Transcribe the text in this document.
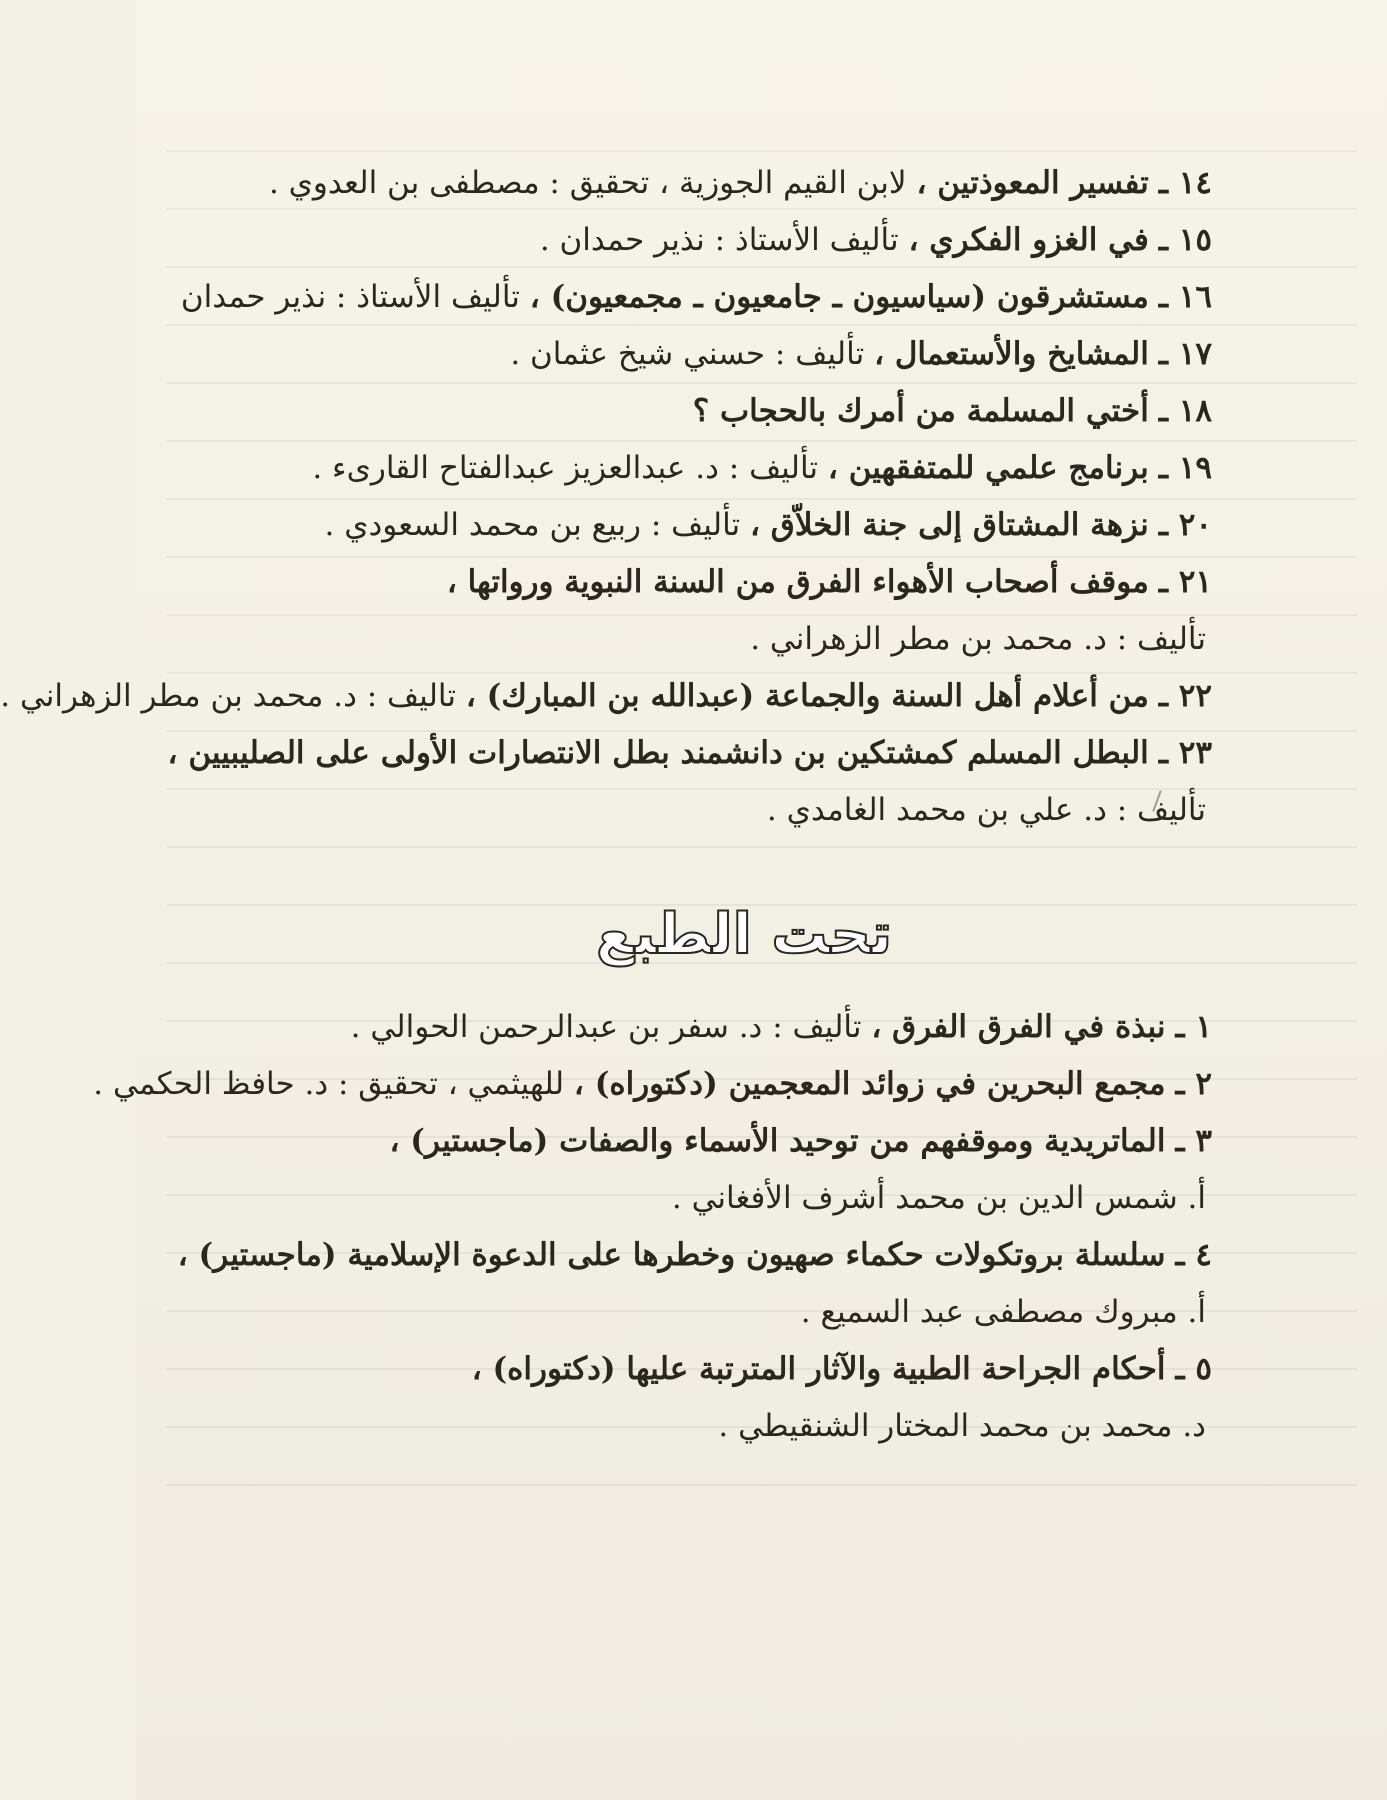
١٤ ـ
تفسير المعوذتين ،

لابن القيم الجوزية ، تحقيق : مصطفى بن العدوي .
١٥ ـ
في الغزو الفكري ،

تأليف الأستاذ : نذير حمدان .
١٦ ـ
مستشرقون (سياسيون ـ جامعيون ـ مجمعيون) ،

تأليف الأستاذ : نذير حمدان
١٧ ـ
المشايخ والأستعمال ،

تأليف : حسني شيخ عثمان .
١٨ ـ
أختي المسلمة من أمرك بالحجاب ؟
١٩ ـ
برنامج علمي للمتفقهين ،

تأليف : د. عبدالعزيز عبدالفتاح القارىء .
٢٠ ـ
نزهة المشتاق إلى جنة الخلاّق ،

تأليف : ربيع بن محمد السعودي .
٢١ ـ
موقف أصحاب الأهواء الفرق من السنة النبوية ورواتها ،
تأليف : د. محمد بن مطر الزهراني .
٢٢ ـ
من أعلام أهل السنة والجماعة (عبدالله بن المبارك) ،

تاليف : د. محمد بن مطر الزهراني .
٢٣ ـ
البطل المسلم كمشتكين بن دانشمند بطل الانتصارات الأولى على الصليبيين ،
تأليف : د. علي بن محمد الغامدي .
تحت الطبع
١ ـ
نبذة في الفرق الفرق ،

تأليف : د. سفر بن عبدالرحمن الحوالي .
٢ ـ
مجمع البحرين في زوائد المعجمين (دكتوراه) ،

للهيثمي ، تحقيق : د. حافظ الحكمي .
٣ ـ
الماتريدية وموقفهم من توحيد الأسماء والصفات (ماجستير) ،
أ. شمس الدين بن محمد أشرف الأفغاني .
٤ ـ
سلسلة بروتكولات حكماء صهيون وخطرها على الدعوة الإسلامية (ماجستير) ،
أ. مبروك مصطفى عبد السميع .
٥ ـ
أحكام الجراحة الطبية والآثار المترتبة عليها (دكتوراه) ،
د. محمد بن محمد المختار الشنقيطي .
